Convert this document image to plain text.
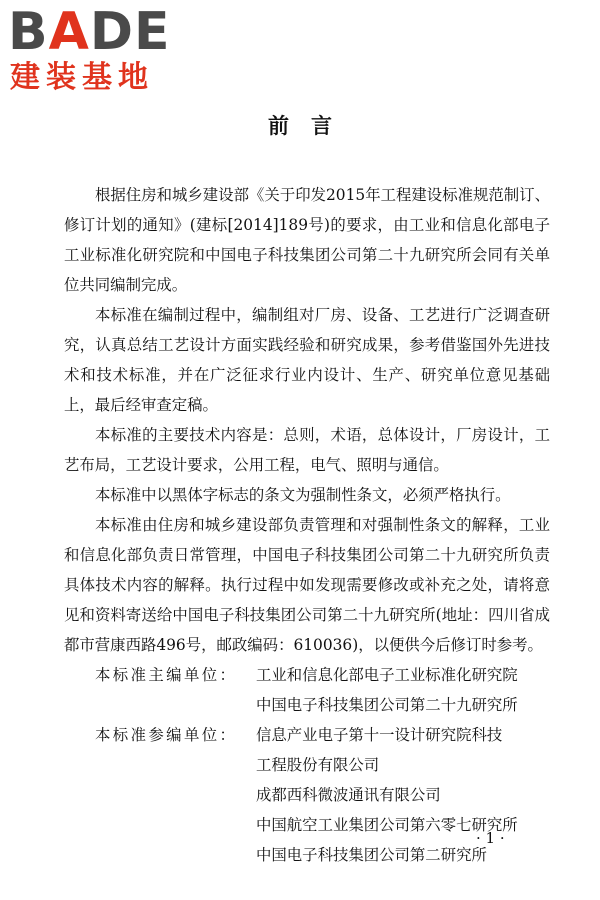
BADE
建装基地
前言

根据住房和城乡建设部《关于印发2015年工程建设标准规范制订、修订计划的通知》(建标[2014]189号)的要求，由工业和信息化部电子工业标准化研究院和中国电子科技集团公司第二十九研究所会同有关单位共同编制完成。

本标准在编制过程中，编制组对厂房、设备、工艺进行广泛调查研究，认真总结工艺设计方面实践经验和研究成果，参考借鉴国外先进技术和技术标准，并在广泛征求行业内设计、生产、研究单位意见基础上，最后经审查定稿。

本标准的主要技术内容是：总则，术语，总体设计，厂房设计，工艺布局，工艺设计要求，公用工程，电气、照明与通信。

本标准中以黑体字标志的条文为强制性条文，必须严格执行。

本标准由住房和城乡建设部负责管理和对强制性条文的解释，工业和信息化部负责日常管理，中国电子科技集团公司第二十九研究所负责具体技术内容的解释。执行过程中如发现需要修改或补充之处，请将意见和资料寄送给中国电子科技集团公司第二十九研究所(地址：四川省成都市营康西路496号，邮政编码：610036)，以便供今后修订时参考。

本标准主编单位：	工业和信息化部电子工业标准化研究院
中国电子科技集团公司第二十九研究所
本标准参编单位：	信息产业电子第十一设计研究院科技
工程股份有限公司
成都西科微波通讯有限公司
中国航空工业集团公司第六零七研究所
中国电子科技集团公司第二研究所
· 1 ·
